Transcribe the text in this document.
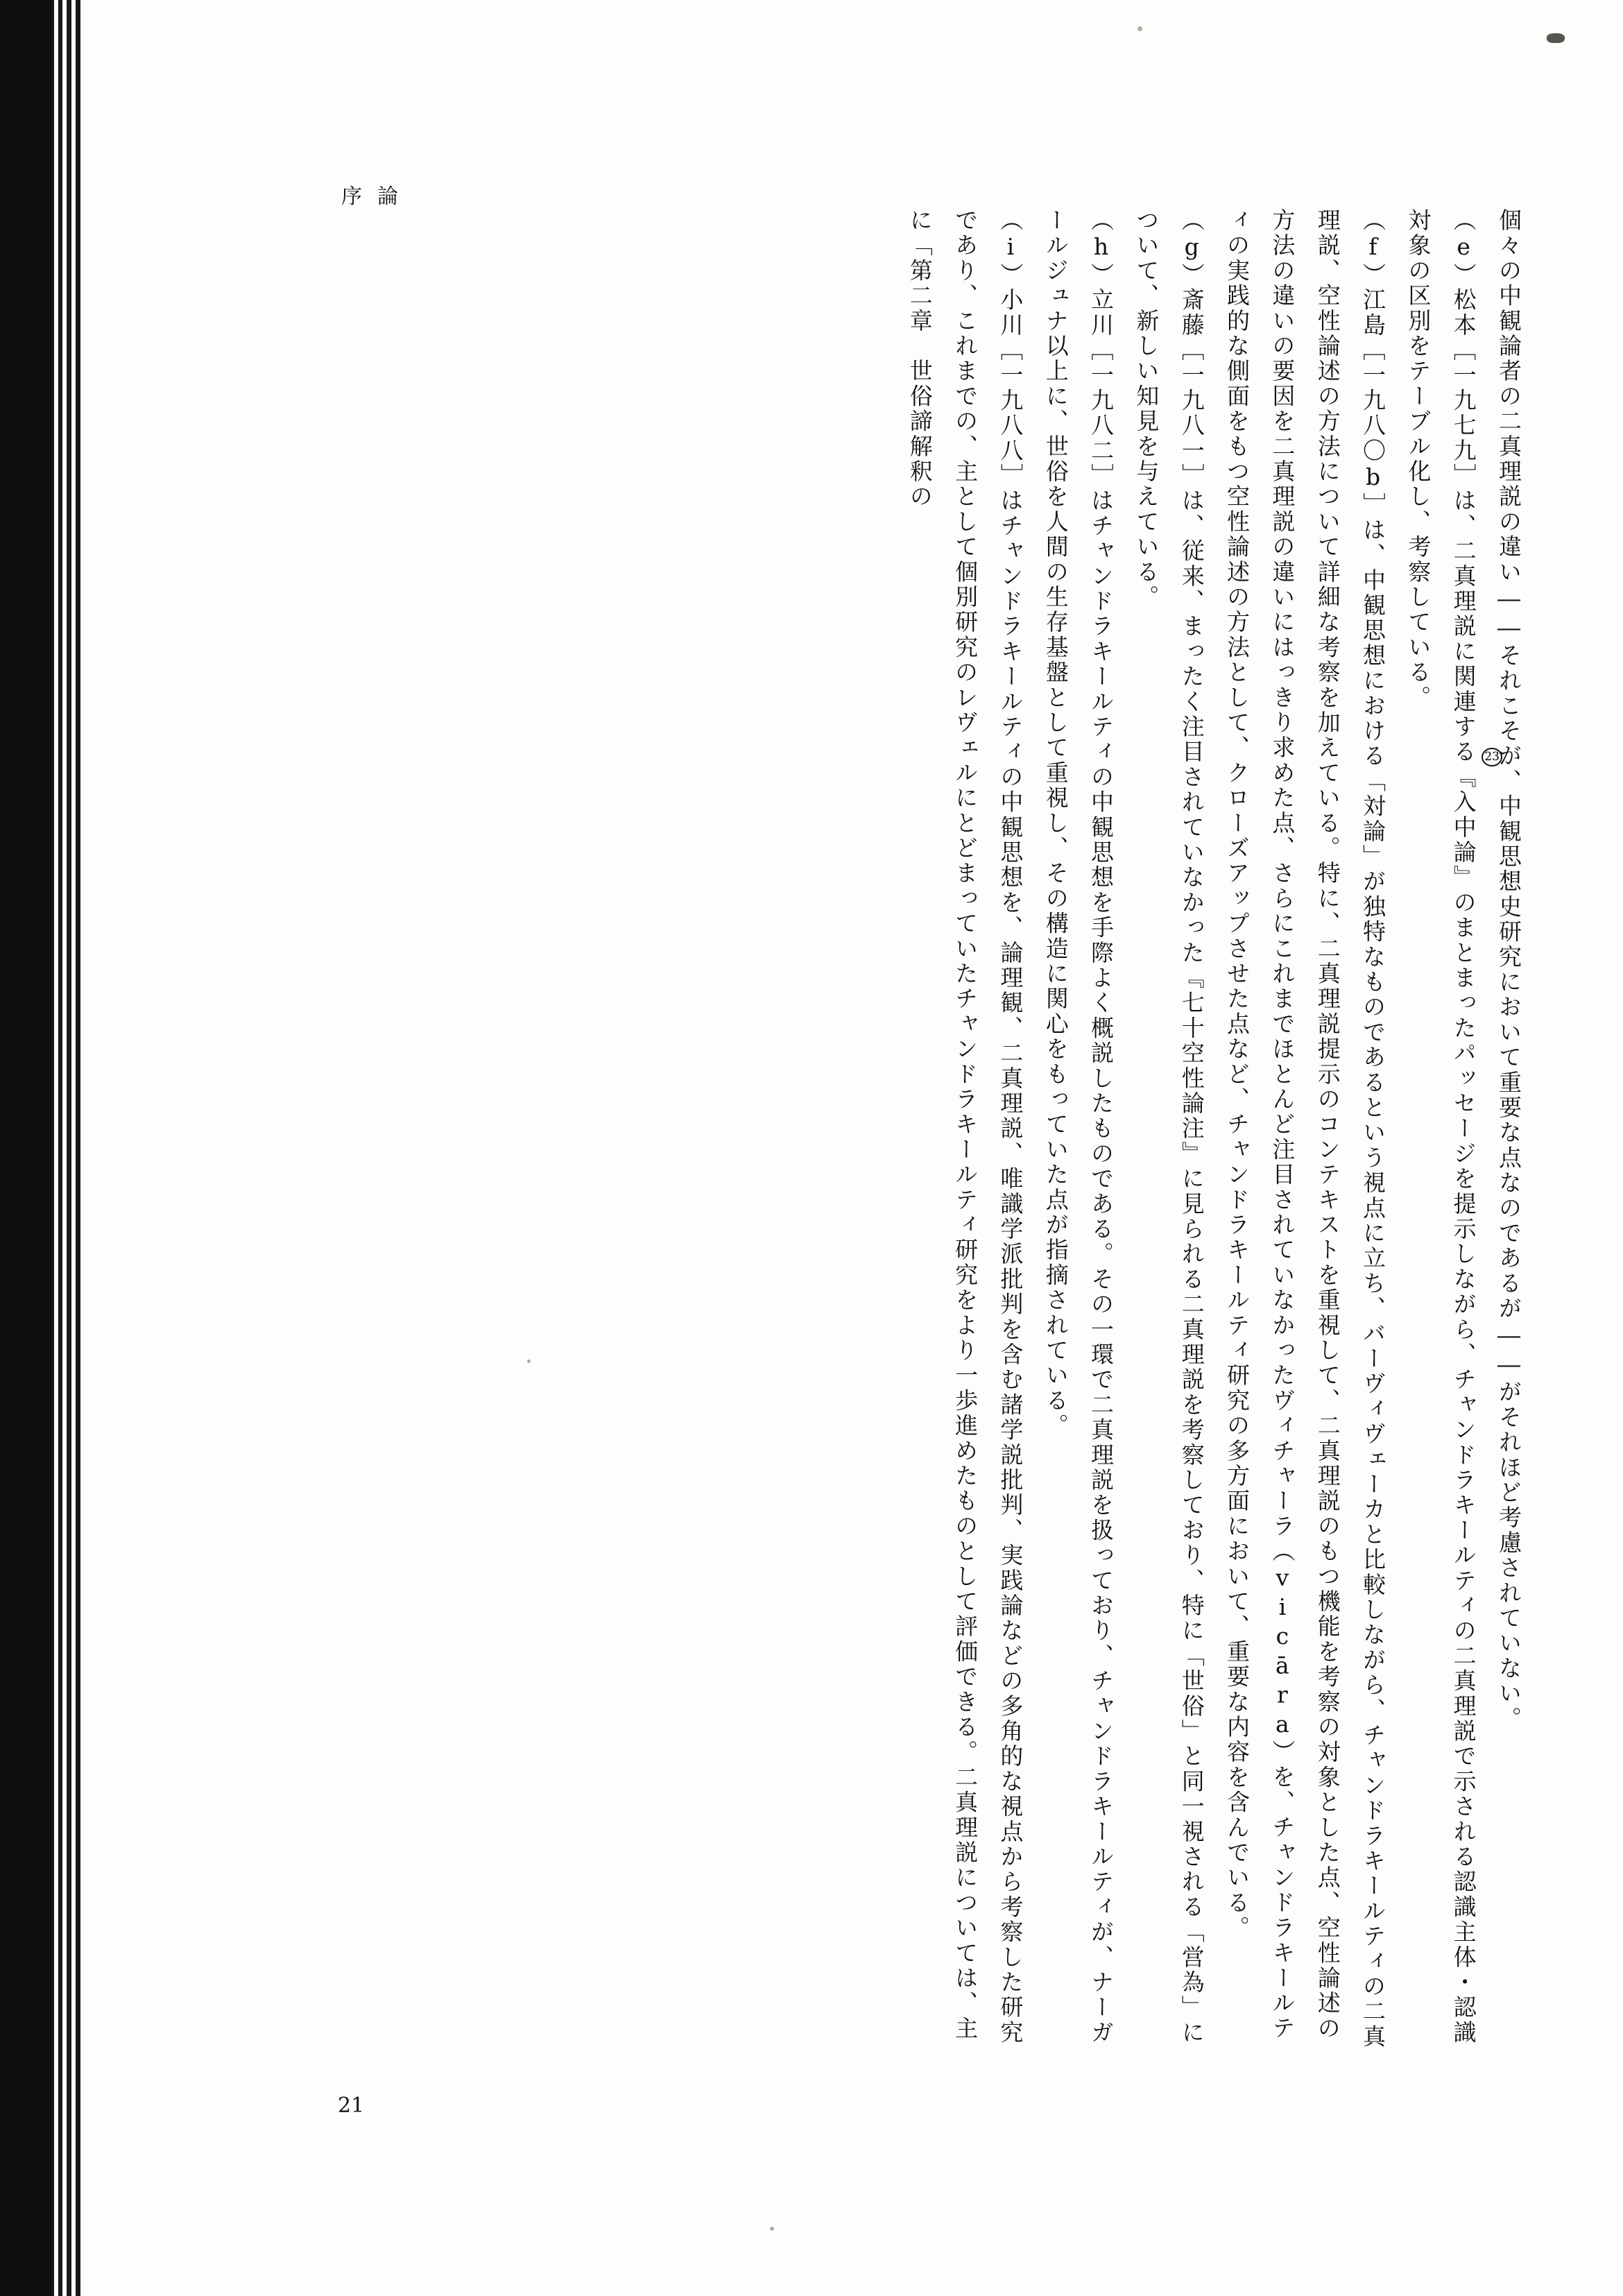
序論

個々の中観論者の二真理説の違い――それこそが、中観思想史研究において重要な点なのであるが――がそれほど考慮されていない。

（e）松本［一九七九］は、二真理説に関連する『入中論』のまとまったパッセージを提示しながら、チャンドラキールティの二真理説で示される認識主体・認識対象の区別をテーブル化し、考察している。

（f）江島［一九八〇b］は、中観思想における「対論」が独特なものであるという視点に立ち、バーヴィヴェーカと比較しながら、チャンドラキールティの二真理説、空性論述の方法について詳細な考察を加えている。特に、二真理説提示のコンテキストを重視して、二真理説のもつ機能を考察の対象とした点、空性論述の方法の違いの要因を二真理説の違いにはっきり求めた点、さらにこれまでほとんど注目されていなかったヴィチャーラ（vicāra）を、チャンドラキールティの実践的な側面をもつ空性論述の方法として、クローズアップさせた点など、チャンドラキールティ研究の多方面において、重要な内容を含んでいる。

（g）斎藤［一九八一］は、従来、まったく注目されていなかった『七十空性論注』に見られる二真理説を考察しており、特に「世俗」と同一視される「営為」について、新しい知見を与えている。

（h）立川［一九八二］はチャンドラキールティの中観思想を手際よく概説したものである。その一環で二真理説を扱っており、チャンドラキールティが、ナーガールジュナ以上に、世俗を人間の生存基盤として重視し、その構造に関心をもっていた点が指摘されている。

（i）小川［一九八八］はチャンドラキールティの中観思想を、論理観、二真理説、唯識学派批判を含む諸学説批判、実践論などの多角的な視点から考察した研究であり、これまでの、主として個別研究のレヴェルにとどまっていたチャンドラキールティ研究をより一歩進めたものとして評価できる。二真理説については、主に「第二章　世俗諦解釈の

23
21
